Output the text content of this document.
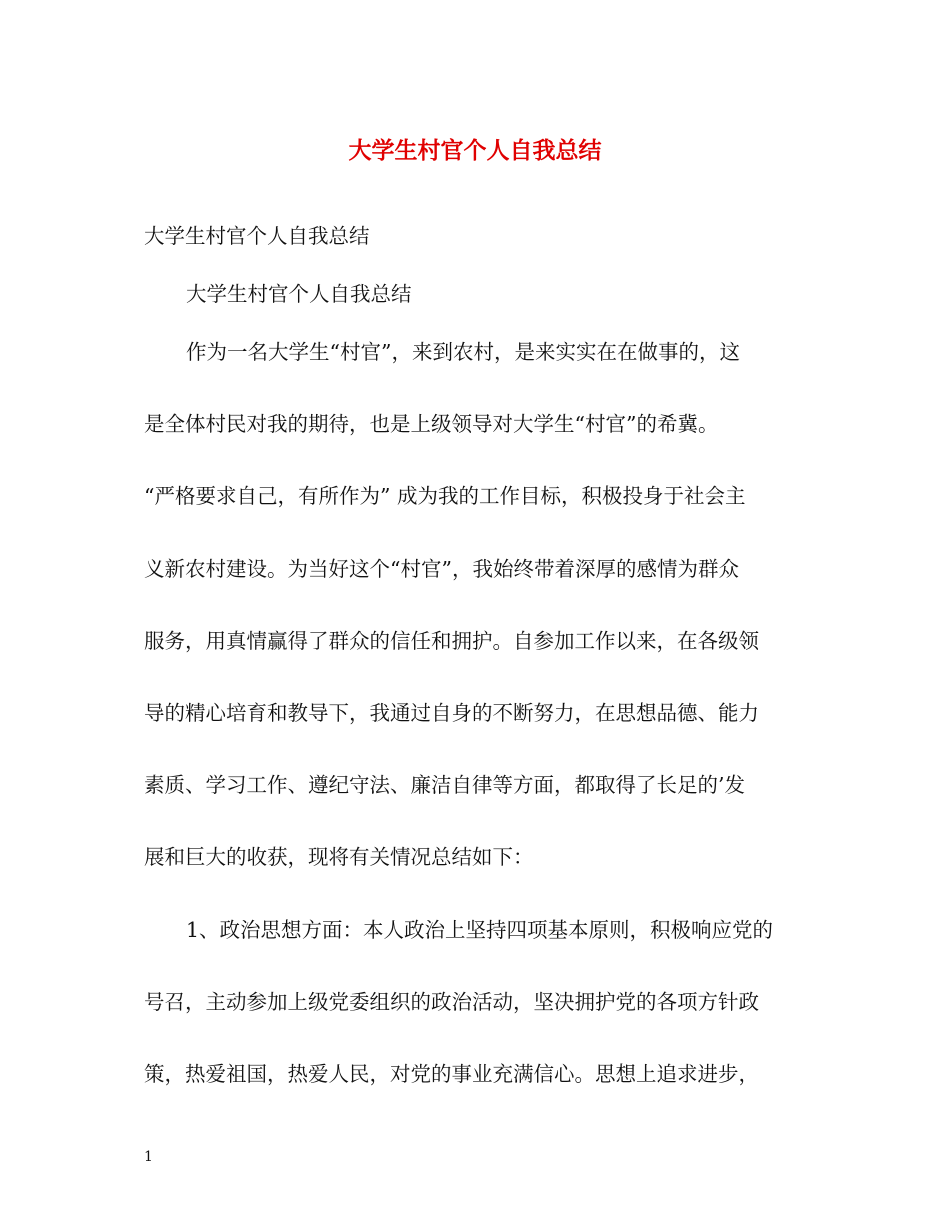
大学生村官个人自我总结
大学生村官个人自我总结
大学生村官个人自我总结
作为一名大学生“村官”，来到农村，是来实实在在做事的，这
是全体村民对我的期待，也是上级领导对大学生“村官”的希冀。
“严格要求自己，有所作为” 成为我的工作目标，积极投身于社会主
义新农村建设。为当好这个“村官”，我始终带着深厚的感情为群众
服务，用真情赢得了群众的信任和拥护。自参加工作以来，在各级领
导的精心培育和教导下，我通过自身的不断努力，在思想品德、能力
素质、学习工作、遵纪守法、廉洁自律等方面，都取得了长足的’发
展和巨大的收获，现将有关情况总结如下：
1、政治思想方面：本人政治上坚持四项基本原则，积极响应党的
号召，主动参加上级党委组织的政治活动，坚决拥护党的各项方针政
策，热爱祖国，热爱人民，对党的事业充满信心。思想上追求进步，
1
